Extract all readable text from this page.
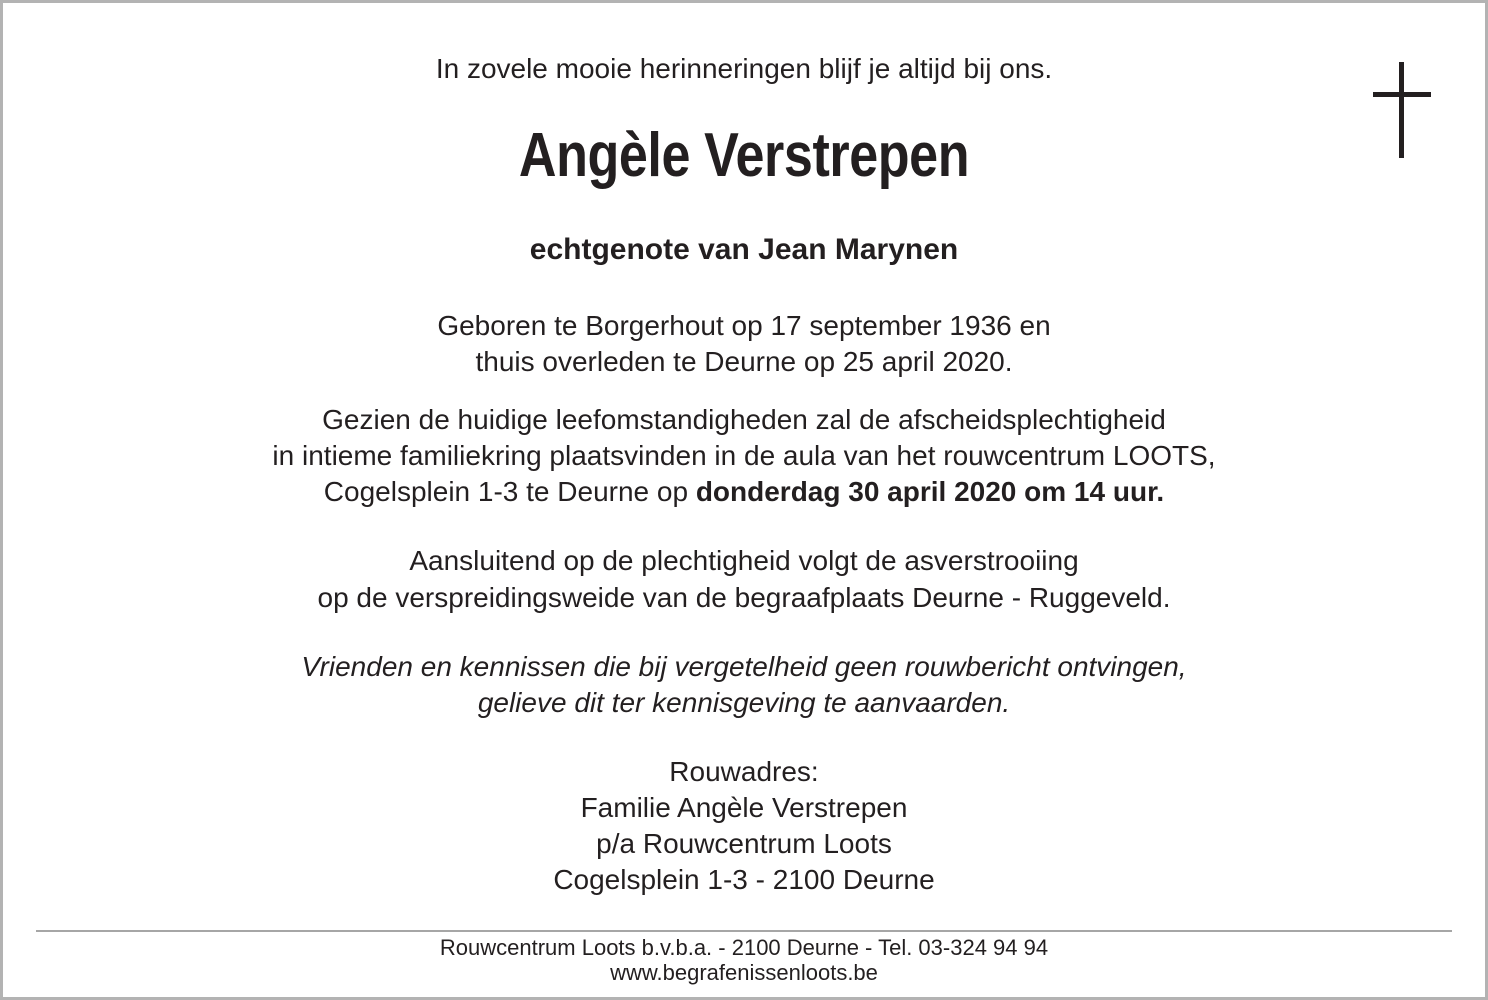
In zovele mooie herinneringen blijf je altijd bij ons.
Angèle Verstrepen
echtgenote van Jean Marynen
Geboren te Borgerhout op 17 september 1936 en
thuis overleden te Deurne op 25 april 2020.
Gezien de huidige leefomstandigheden zal de afscheidsplechtigheid
in intieme familiekring plaatsvinden in de aula van het rouwcentrum LOOTS,
Cogelsplein 1-3 te Deurne op donderdag 30 april 2020 om 14 uur.
Aansluitend op de plechtigheid volgt de asverstrooiing
op de verspreidingsweide van de begraafplaats Deurne - Ruggeveld.
Vrienden en kennissen die bij vergetelheid geen rouwbericht ontvingen,
gelieve dit ter kennisgeving te aanvaarden.
Rouwadres:
Familie Angèle Verstrepen
p/a Rouwcentrum Loots
Cogelsplein 1-3 - 2100 Deurne
Rouwcentrum Loots b.v.b.a. - 2100 Deurne - Tel. 03-324 94 94
www.begrafenissenloots.be
